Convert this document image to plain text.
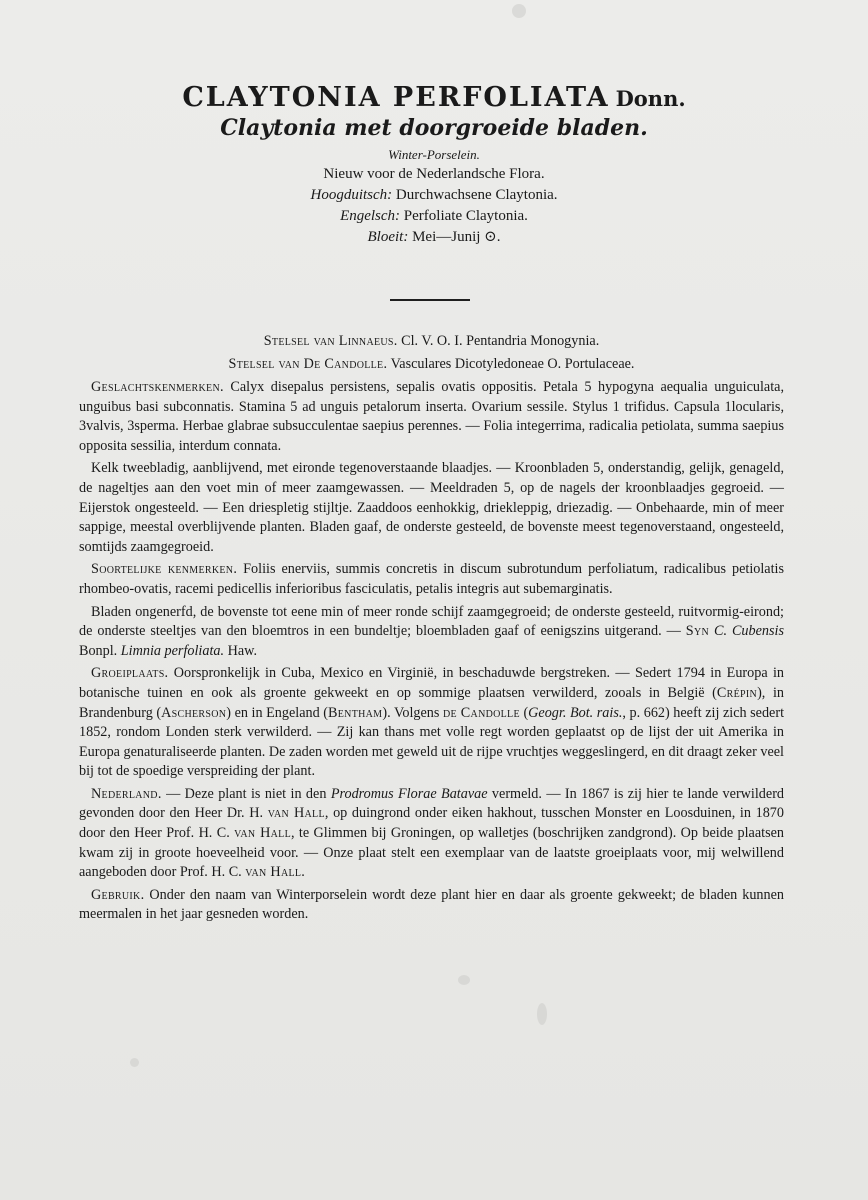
CLAYTONIA PERFOLIATA Donn.
Claytonia met doorgroeide bladen.
Winter-Porselein.
Nieuw voor de Nederlandsche Flora.
Hoogduitsch: Durchwachsene Claytonia.
Engelsch: Perfoliate Claytonia.
Bloeit: Mei—Junij ⊙.
Stelsel van Linnaeus. Cl. V. O. I. Pentandria Monogynia.
Stelsel van De Candolle. Vasculares Dicotyledoneae O. Portulaceae.
Geslachtskenmerken. Calyx disepalus persistens, sepalis ovatis oppositis. Petala 5 hypogyna aequalia unguiculata, unguibus basi subconnatis. Stamina 5 ad unguis petalorum inserta. Ovarium sessile. Stylus 1 trifidus. Capsula 1locularis, 3valvis, 3sperma. Herbae glabrae subsucculentae saepius perennes. — Folia integerrima, radicalia petiolata, summa saepius opposita sessilia, interdum connata.
Kelk tweebladig, aanblijvend, met eironde tegenoverstaande blaadjes. — Kroonbladen 5, onderstandig, gelijk, genageld, de nageltjes aan den voet min of meer zaamgewassen. — Meeldraden 5, op de nagels der kroonblaadjes gegroeid. — Eijerstok ongesteeld. — Een driespletig stijltje. Zaaddoos eenhokkig, driekleppig, driezadig. — Onbehaarde, min of meer sappige, meestal overblijvende planten. Bladen gaaf, de onderste gesteeld, de bovenste meest tegenoverstaand, ongesteeld, somtijds zaamgegroeid.
Soortelijke kenmerken. Foliis enerviis, summis concretis in discum subrotundum perfoliatum, radicalibus petiolatis rhombeo-ovatis, racemi pedicellis inferioribus fasciculatis, petalis integris aut subemarginatis.
Bladen ongenerfd, de bovenste tot eene min of meer ronde schijf zaamgegroeid; de onderste gesteeld, ruitvormig-eirond; de onderste steeltjes van den bloemtros in een bundeltje; bloembladen gaaf of eenigszins uitgerand. — Syn C. Cubensis Bonpl. Limnia perfoliata. Haw.
Groeiplaats. Oorspronkelijk in Cuba, Mexico en Virginië, in beschaduwde bergstreken. — Sedert 1794 in Europa in botanische tuinen en ook als groente gekweekt en op sommige plaatsen verwilderd, zooals in België (Crépin), in Brandenburg (Ascherson) en in Engeland (Bentham). Volgens de Candolle (Geogr. Bot. rais., p. 662) heeft zij zich sedert 1852, rondom Londen sterk verwilderd. — Zij kan thans met volle regt worden geplaatst op de lijst der uit Amerika in Europa genaturaliseerde planten. De zaden worden met geweld uit de rijpe vruchtjes weggeslingerd, en dit draagt zeker veel bij tot de spoedige verspreiding der plant.
Nederland. — Deze plant is niet in den Prodromus Florae Batavae vermeld. — In 1867 is zij hier te lande verwilderd gevonden door den Heer Dr. H. van Hall, op duingrond onder eiken hakhout, tusschen Monster en Loosduinen, in 1870 door den Heer Prof. H. C. van Hall, te Glimmen bij Groningen, op walletjes (boschrijken zandgrond). Op beide plaatsen kwam zij in groote hoeveelheid voor. — Onze plaat stelt een exemplaar van de laatste groeiplaats voor, mij welwillend aangeboden door Prof. H. C. van Hall.
Gebruik. Onder den naam van Winterporselein wordt deze plant hier en daar als groente gekweekt; de bladen kunnen meermalen in het jaar gesneden worden.
